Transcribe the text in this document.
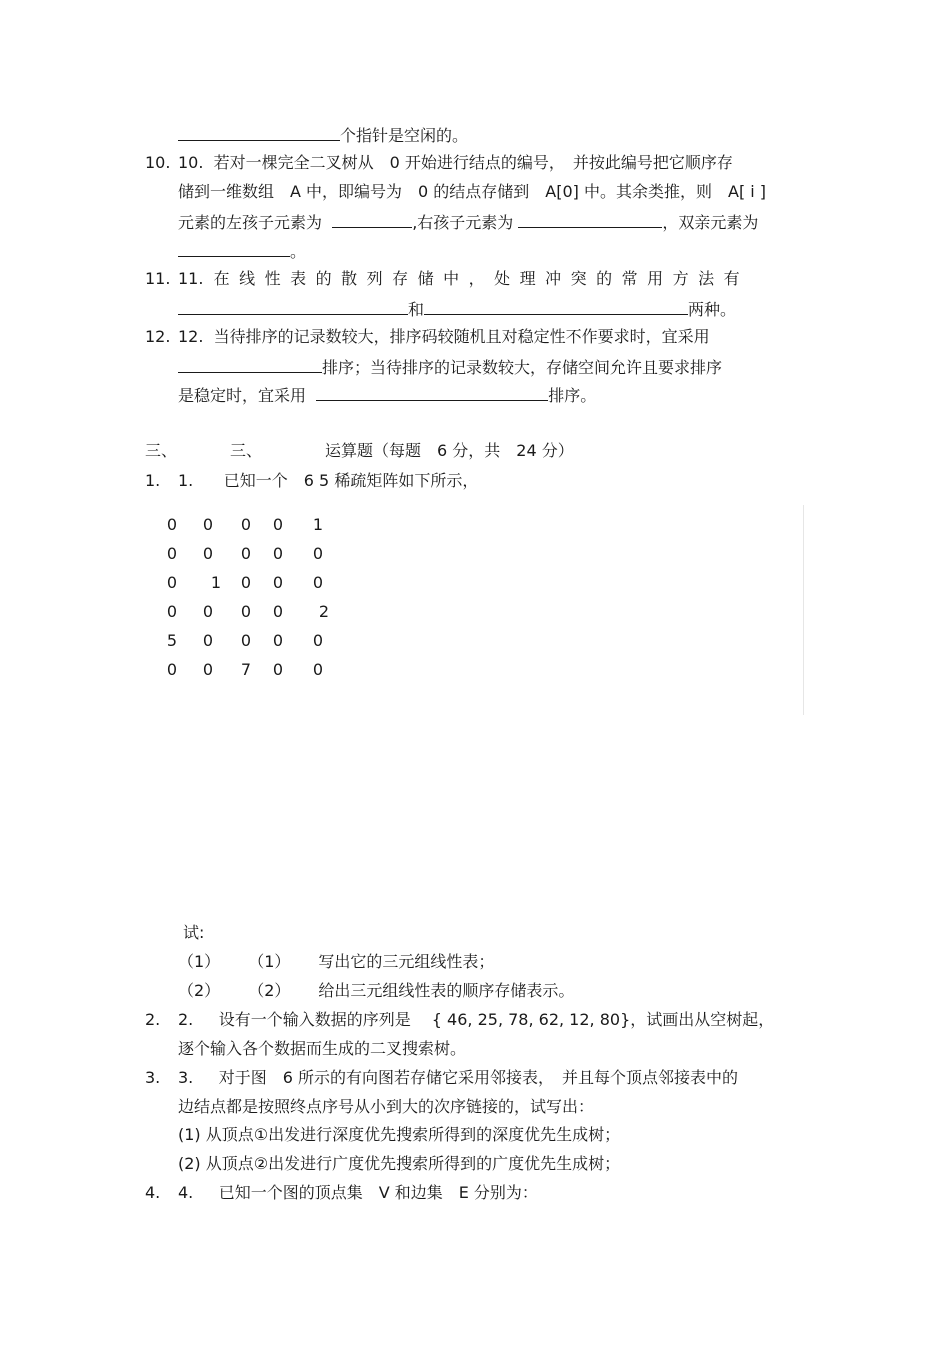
个指针是空闲的。
10. 10. 若对一棵完全二叉树从　0 开始进行结点的编号，　并按此编号把它顺序存
储到一维数组　A 中，即编号为　0 的结点存储到　A[0] 中。其余类推，则　A[ i ]
元素的左孩子元素为	,右孩子元素为	，双亲元素为
。
11. 11. 在线性表的散列存储中，处理冲突的常用方法有
和	两种。
12. 12. 当待排序的记录数较大，排序码较随机且对稳定性不作要求时，宜采用
排序；当待排序的记录数较大，存储空间允许且要求排序
是稳定时，宜采用	排序。
三、	三、	运算题（每题　6 分，共　24 分）
1. 1. 已知一个　6 5 稀疏矩阵如下所示，
0	0	0	0	1
0	0	0	0	0
0	1	0	0	0
0	0	0	0	2
5	0	0	0	0
0	0	7	0	0
试:
（1） （1） 写出它的三元组线性表；
（2） （2） 给出三元组线性表的顺序存储表示。
2. 2. 设有一个输入数据的序列是　 { 46, 25, 78, 62, 12, 80}，试画出从空树起，
逐个输入各个数据而生成的二叉搜索树。
3. 3. 对于图　6 所示的有向图若存储它采用邻接表，　并且每个顶点邻接表中的
边结点都是按照终点序号从小到大的次序链接的，试写出：
(1) 从顶点①出发进行深度优先搜索所得到的深度优先生成树；
(2) 从顶点②出发进行广度优先搜索所得到的广度优先生成树；
4. 4. 已知一个图的顶点集　V 和边集　E 分别为：
